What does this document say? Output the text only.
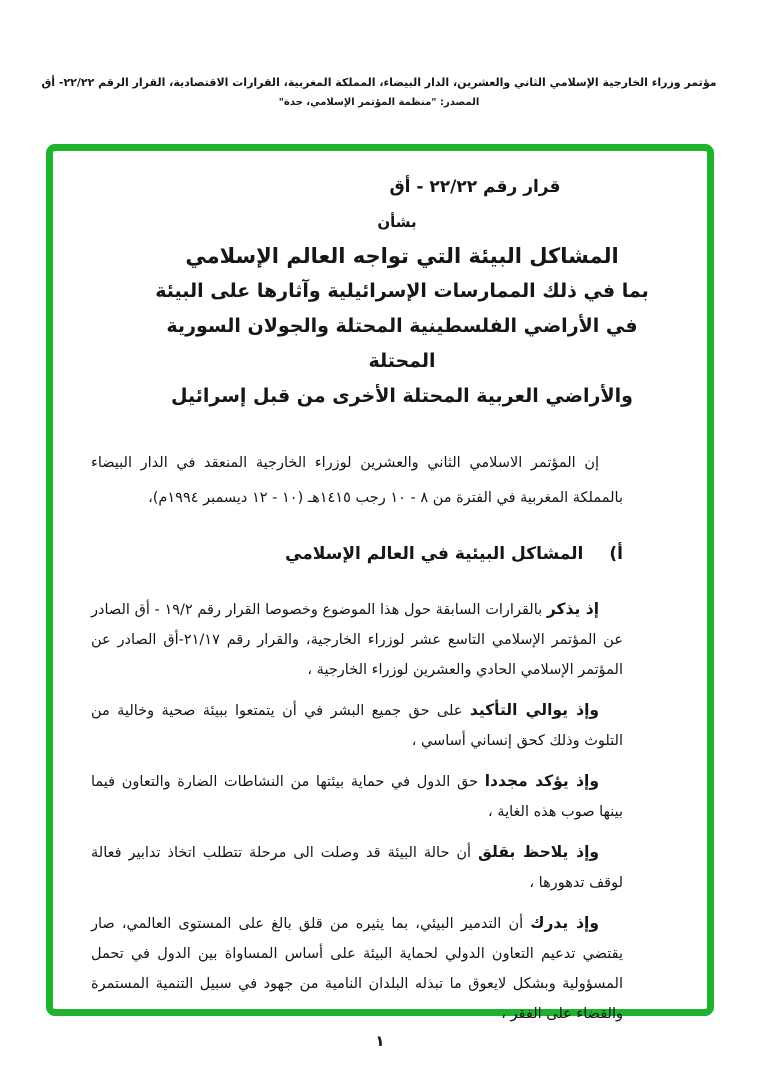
مؤتمر وزراء الخارجية الإسلامي الثاني والعشرين، الدار البيضاء، المملكة المغربية، القرارات الاقتصادية، القرار الرقم ٢٢/٢٢- أق
المصدر: "منظمة المؤتمر الإسلامي، جدة"
قرار رقم ٢٢/٢٢ - أق
بشأن
المشاكل البيئة التي تواجه العالم الإسلامي
بما في ذلك الممارسات الإسرائيلية وآثارها على البيئة
في الأراضي الفلسطينية المحتلة والجولان السورية المحتلة
والأراضي العربية المحتلة الأخرى من قبل إسرائيل

إن المؤتمر الاسلامي الثاني والعشرين لوزراء الخارجية المنعقد في الدار البيضاء بالمملكة المغربية في الفترة من ٨ - ١٠ رجب ١٤١٥هـ (١٠ - ١٢ ديسمبر ١٩٩٤م)،

أ)
المشاكل البيئية في العالم الإسلامي

إذ يذكر بالقرارات السابقة حول هذا الموضوع وخصوصا القرار رقم ١٩/٢ - أق الصادر عن المؤتمر الإسلامي التاسع عشر لوزراء الخارجية، والقرار رقم ٢١/١٧-أق الصادر عن المؤتمر الإسلامي الحادي والعشرين لوزراء الخارجية ،

وإذ يوالي التأكيد على حق جميع البشر في أن يتمتعوا ببيئة صحية وخالية من التلوث وذلك كحق إنساني أساسي ،

وإذ يؤكد مجددا حق الدول في حماية بيئتها من النشاطات الضارة والتعاون فيما بينها صوب هذه الغاية ،

وإذ يلاحظ بقلق أن حالة البيئة قد وصلت الى مرحلة تتطلب اتخاذ تدابير فعالة لوقف تدهورها ،

وإذ يدرك أن التدمير البيئي، بما يثيره من قلق بالغ على المستوى العالمي، صار يقتضي تدعيم التعاون الدولي لحماية البيئة على أساس المساواة بين الدول في تحمل المسؤولية وبشكل لايعوق ما تبذله البلدان النامية من جهود في سبيل التنمية المستمرة والقضاء على الفقر ،

١
